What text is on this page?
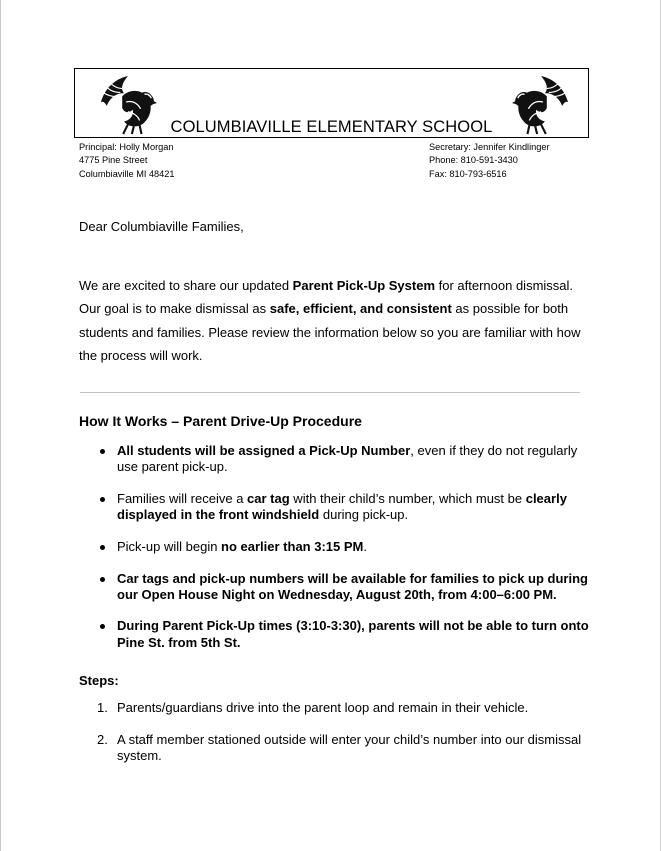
COLUMBIAVILLE ELEMENTARY SCHOOL
Principal: Holly Morgan
4775 Pine Street
Columbiaville MI 48421
Secretary: Jennifer Kindlinger
Phone: 810-591-3430
Fax: 810-793-6516
Dear Columbiaville Families,
We are excited to share our updated Parent Pick-Up System for afternoon dismissal. Our goal is to make dismissal as safe, efficient, and consistent as possible for both students and families. Please review the information below so you are familiar with how the process will work.
How It Works – Parent Drive-Up Procedure
All students will be assigned a Pick-Up Number, even if they do not regularly use parent pick-up.
Families will receive a car tag with their child’s number, which must be clearly displayed in the front windshield during pick-up.
Pick-up will begin no earlier than 3:15 PM.
Car tags and pick-up numbers will be available for families to pick up during our Open House Night on Wednesday, August 20th, from 4:00–6:00 PM.
During Parent Pick-Up times (3:10-3:30), parents will not be able to turn onto Pine St. from 5th St.
Steps:
1. Parents/guardians drive into the parent loop and remain in their vehicle.
2. A staff member stationed outside will enter your child’s number into our dismissal system.
